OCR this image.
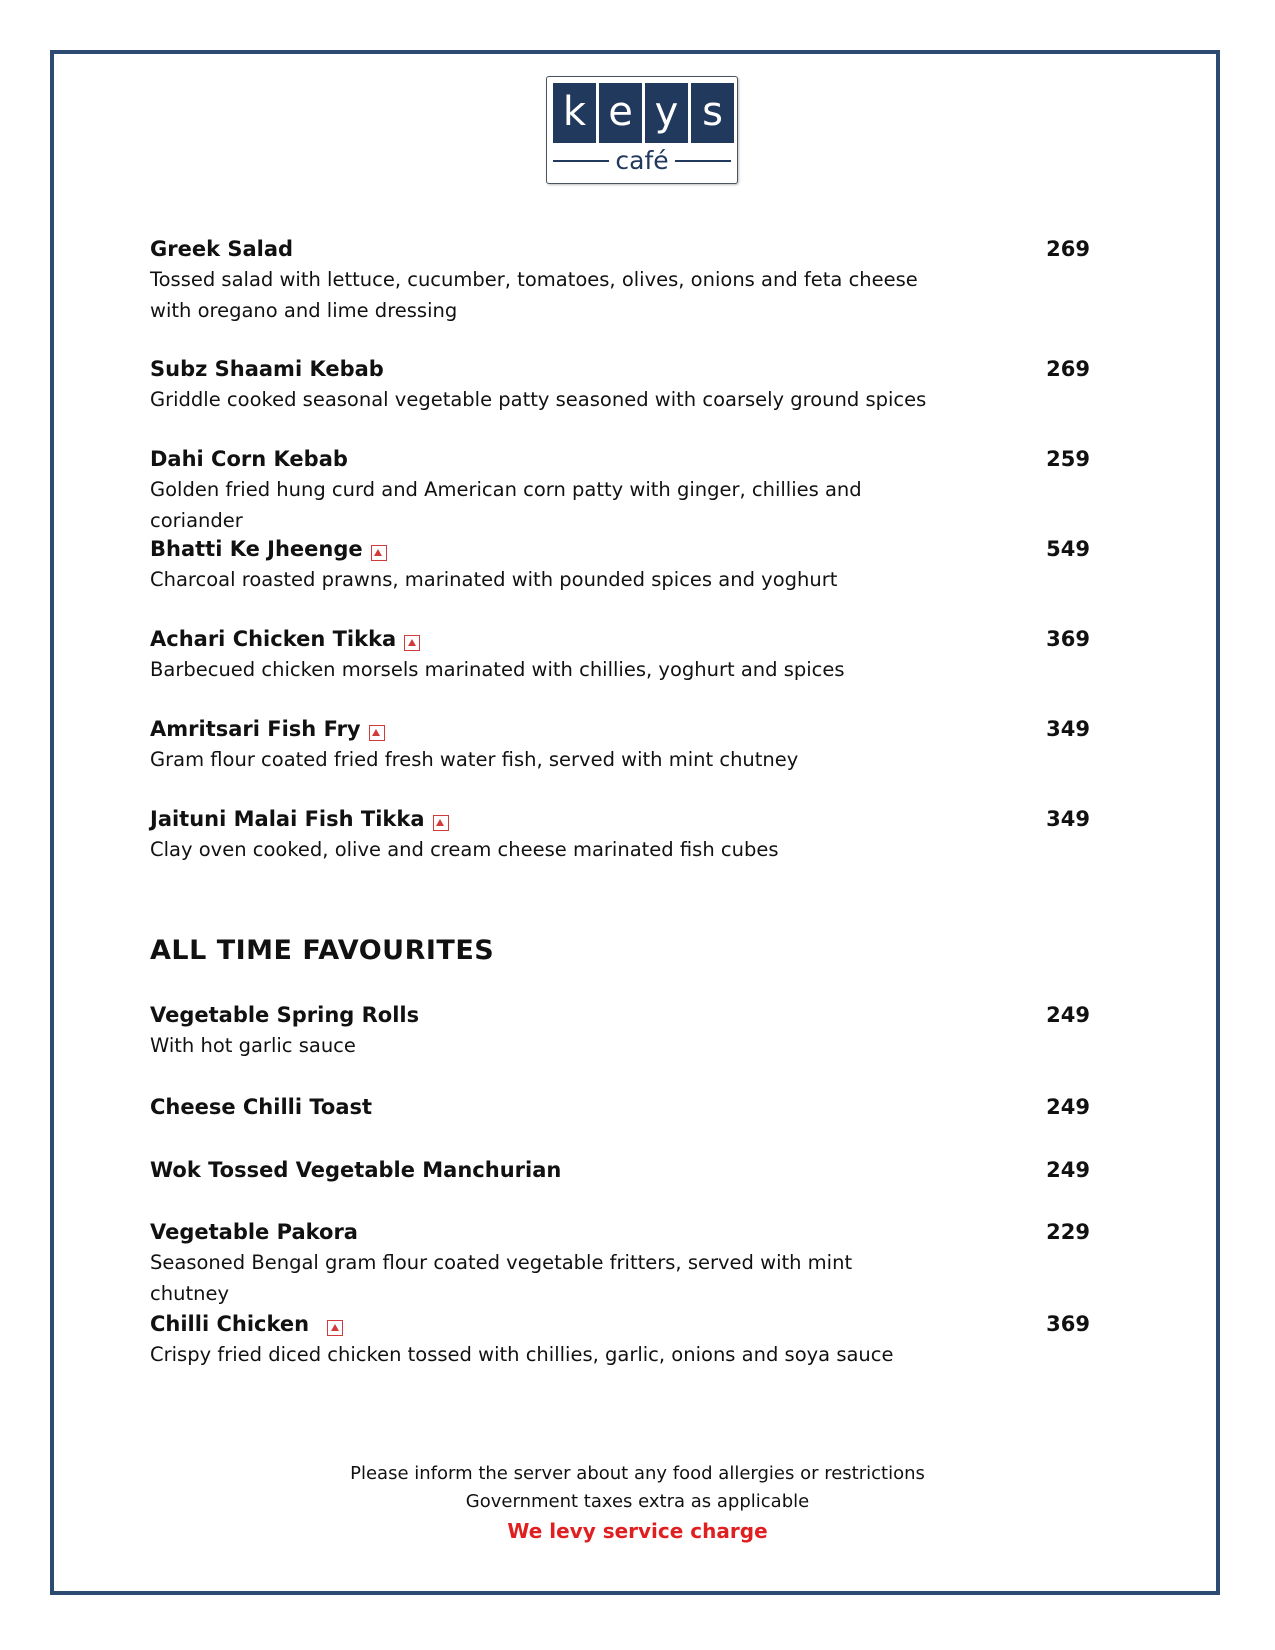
k e y s
café
Greek Salad	269
Tossed salad with lettuce, cucumber, tomatoes, olives, onions and feta cheese with oregano and lime dressing
Subz Shaami Kebab	269
Griddle cooked seasonal vegetable patty seasoned with coarsely ground spices
Dahi Corn Kebab	259
Golden fried hung curd and American corn patty with ginger, chillies and coriander
Bhatti Ke Jheenge	549
Charcoal roasted prawns, marinated with pounded spices and yoghurt
Achari Chicken Tikka	369
Barbecued chicken morsels marinated with chillies, yoghurt and spices
Amritsari Fish Fry	349
Gram flour coated fried fresh water fish, served with mint chutney
Jaituni Malai Fish Tikka	349
Clay oven cooked, olive and cream cheese marinated fish cubes
ALL TIME FAVOURITES
Vegetable Spring Rolls	249
With hot garlic sauce
Cheese Chilli Toast	249
Wok Tossed Vegetable Manchurian	249
Vegetable Pakora	229
Seasoned Bengal gram flour coated vegetable fritters, served with mint chutney
Chilli Chicken	369
Crispy fried diced chicken tossed with chillies, garlic, onions and soya sauce
Please inform the server about any food allergies or restrictions
Government taxes extra as applicable
We levy service charge
